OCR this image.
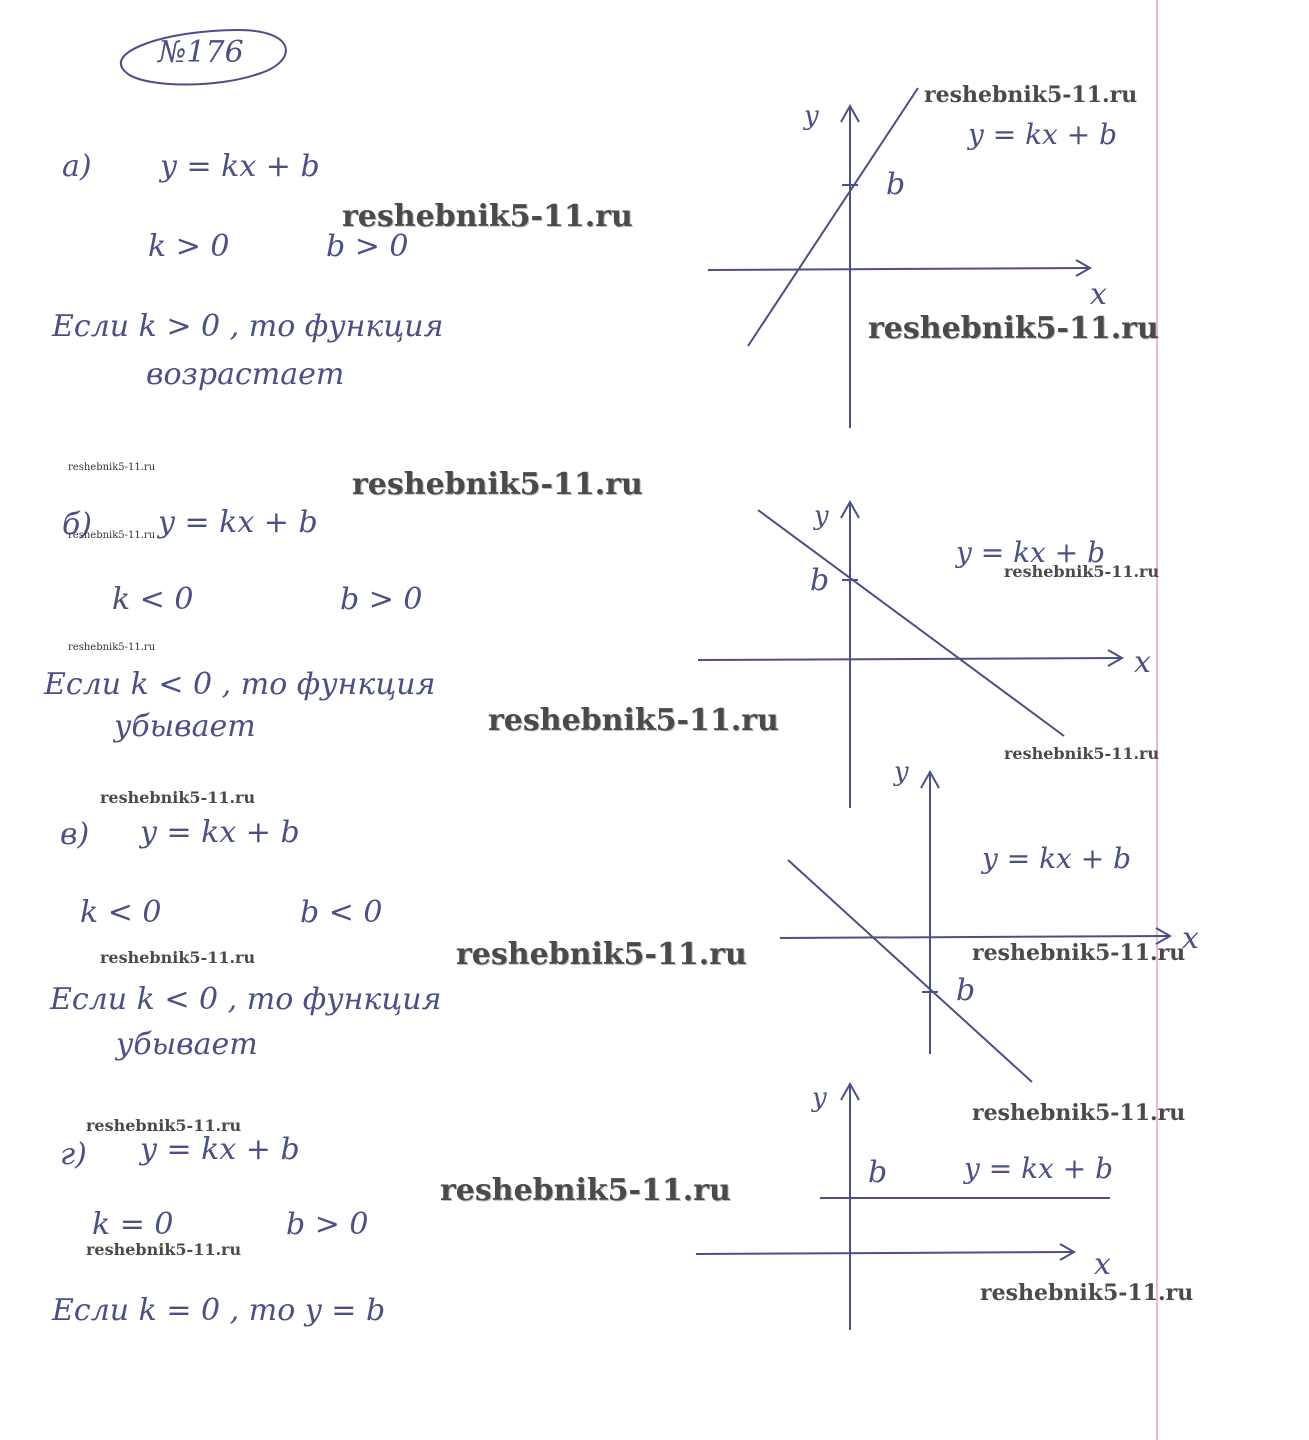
№176
а) y = kx + b
k > 0	b > 0
Если k > 0 , то функция
возрастает
y
x
b
y = kx + b
б) y = kx + b
k < 0	b > 0
Если k < 0 , то функция
убывает
y
x
b
y = kx + b
в) y = kx + b
k < 0	b < 0
Если k < 0 , то функция
убывает
y
x
b
y = kx + b
г) y = kx + b
k = 0	b > 0
Если k = 0 , то y = b
y
x
b	y = kx + b
reshebnik5-11.ru
reshebnik5-11.ru
reshebnik5-11.ru
reshebnik5-11.ru	reshebnik5-11.ru
reshebnik5-11.ru
reshebnik5-11.ru
reshebnik5-11.ru
reshebnik5-11.ru
reshebnik5-11.ru
reshebnik5-11.ru
reshebnik5-11.ru
reshebnik5-11.ru	reshebnik5-11.ru
reshebnik5-11.ru
reshebnik5-11.ru
reshebnik5-11.ru
reshebnik5-11.ru
reshebnik5-11.ru
